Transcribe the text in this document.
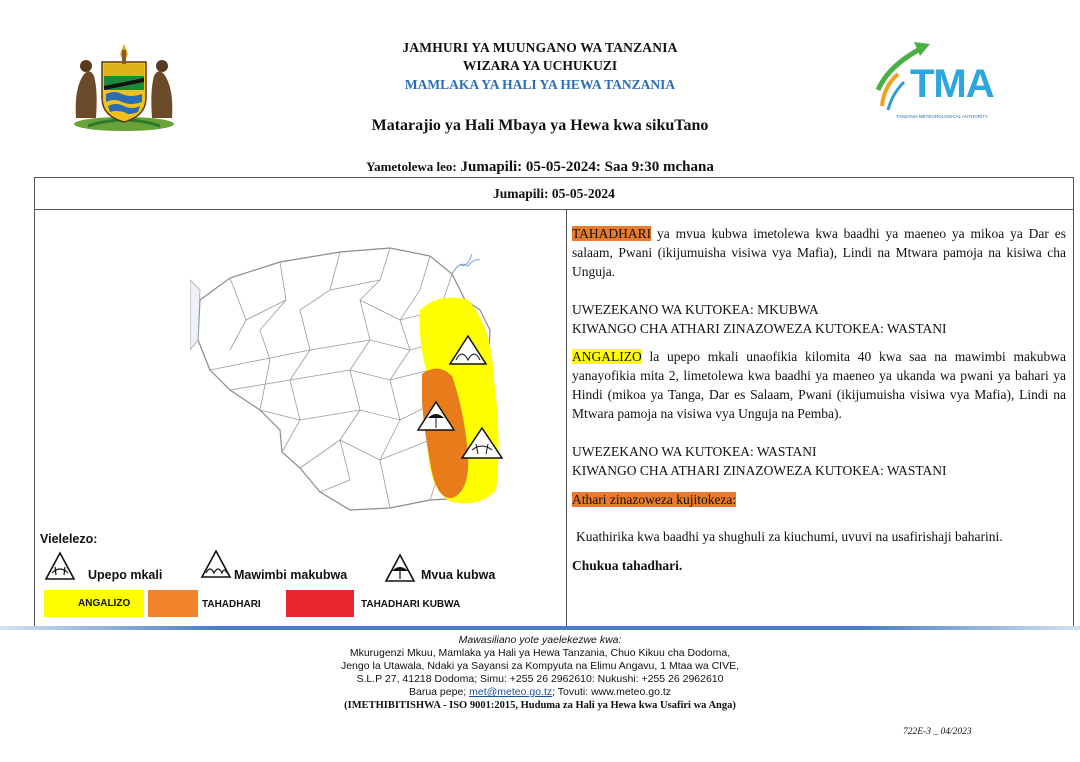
TMA
TANZANIA METEOROLOGICAL AUTHORITY
JAMHURI YA MUUNGANO WA TANZANIA
WIZARA YA UCHUKUZI
MAMLAKA YA HALI YA HEWA TANZANIA
Matarajio ya Hali Mbaya ya Hewa kwa sikuTano
Yametolewa leo: Jumapili: 05-05-2024: Saa 9:30 mchana
Jumapili: 05-05-2024

TAHADHARI ya mvua kubwa imetolewa kwa baadhi ya maeneo ya mikoa ya Dar es salaam, Pwani (ikijumuisha visiwa vya Mafia), Lindi na Mtwara pamoja na kisiwa cha Unguja.

UWEZEKANO WA KUTOKEA: MKUBWA

KIWANGO CHA ATHARI ZINAZOWEZA KUTOKEA: WASTANI

ANGALIZO la upepo mkali unaofikia kilomita 40 kwa saa na mawimbi makubwa yanayofikia mita 2, limetolewa kwa baadhi ya maeneo ya ukanda wa pwani ya bahari ya Hindi (mikoa ya Tanga, Dar es Salaam, Pwani (ikijumuisha visiwa vya Mafia), Lindi na Mtwara pamoja na visiwa vya Unguja na Pemba).

UWEZEKANO WA KUTOKEA: WASTANI

KIWANGO CHA ATHARI ZINAZOWEZA KUTOKEA: WASTANI

Athari zinazoweza kujitokeza:

Kuathirika kwa baadhi ya shughuli za kiuchumi, uvuvi na usafirishaji baharini.

Chukua tahadhari.

Vielelezo:
Upepo mkali	Mawimbi makubwa	Mvua kubwa
ANGALIZO	TAHADHARI	TAHADHARI KUBWA
Mawasiliano yote yaelekezwe kwa:
Mkurugenzi Mkuu, Mamlaka ya Hali ya Hewa Tanzania, Chuo Kikuu cha Dodoma,
Jengo la Utawala, Ndaki ya Sayansi za Kompyuta na Elimu Angavu, 1 Mtaa wa CIVE,
S.L.P 27, 41218 Dodoma; Simu: +255 26 2962610: Nukushi: +255 26 2962610
Barua pepe; met@meteo.go.tz; Tovuti: www.meteo.go.tz
(IMETHIBITISHWA - ISO 9001:2015, Huduma za Hali ya Hewa kwa Usafiri wa Anga)
722E-3 _ 04/2023
